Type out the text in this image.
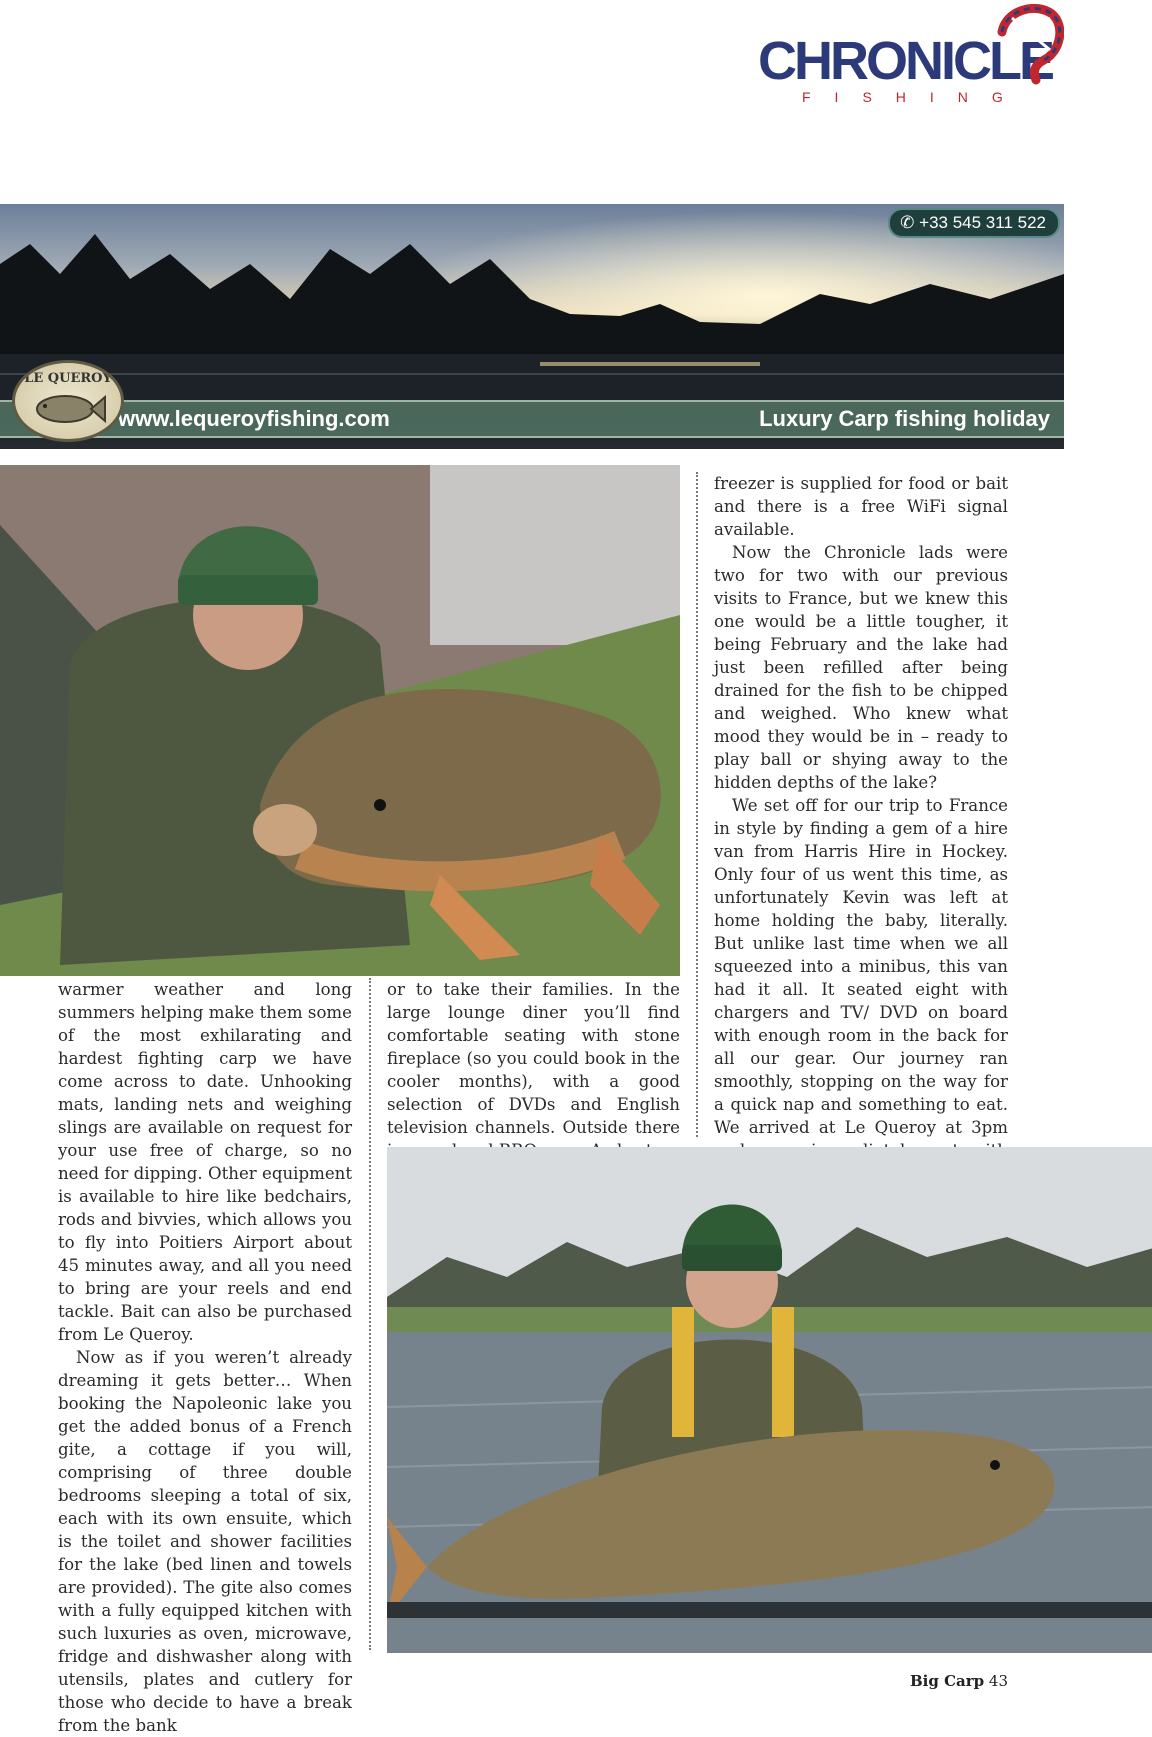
CHRONICLE
FISHING
✆ +33 545 311 522
www.lequeroyfishing.com	Luxury Carp fishing holiday
LE QUEROY

warmer weather and long summers helping make them some of the most exhilarating and hardest fighting carp we have come across to date. Unhooking mats, landing nets and weighing slings are available on request for your use free of charge, so no need for dipping. Other equipment is available to hire like bedchairs, rods and bivvies, which allows you to fly into Poitiers Airport about 45 minutes away, and all you need to bring are your reels and end tackle. Bait can also be purchased from Le Queroy.

Now as if you weren’t already dreaming it gets better… When booking the Napoleonic lake you get the added bonus of a French gite, a cottage if you will, comprising of three double bedrooms sleeping a total of six, each with its own ensuite, which is the toilet and shower facilities for the lake (bed linen and towels are provided). The gite also comes with a fully equipped kitchen with such luxuries as oven, microwave, fridge and dishwasher along with utensils, plates and cutlery for those who decide to have a break from the bank

or to take their families. In the large lounge diner you’ll find comfortable seating with stone fireplace (so you could book in the cooler months), with a good selection of DVDs and English television channels. Outside there

freezer is supplied for food or bait and there is a free WiFi signal available.

Now the Chronicle lads were two for two with our previous visits to France, but we knew this one would be a little tougher, it being February and the lake had just been refilled after being drained for the fish to be chipped and weighed. Who knew what mood they would be in – ready to play ball or shying away to the hidden depths of the lake?

We set off for our trip to France in style by finding a gem of a hire van from Harris Hire in Hockey. Only four of us went this time, as unfortunately Kevin was left at home holding the baby, literally. But unlike last time when we all squeezed into a minibus, this van had it all. It seated eight with chargers and TV/ DVD on board with enough room in the back for all our gear. Our journey ran smoothly, stopping on the way for a quick nap and something to eat. We arrived at Le Queroy at 3pm

Big Carp 43
